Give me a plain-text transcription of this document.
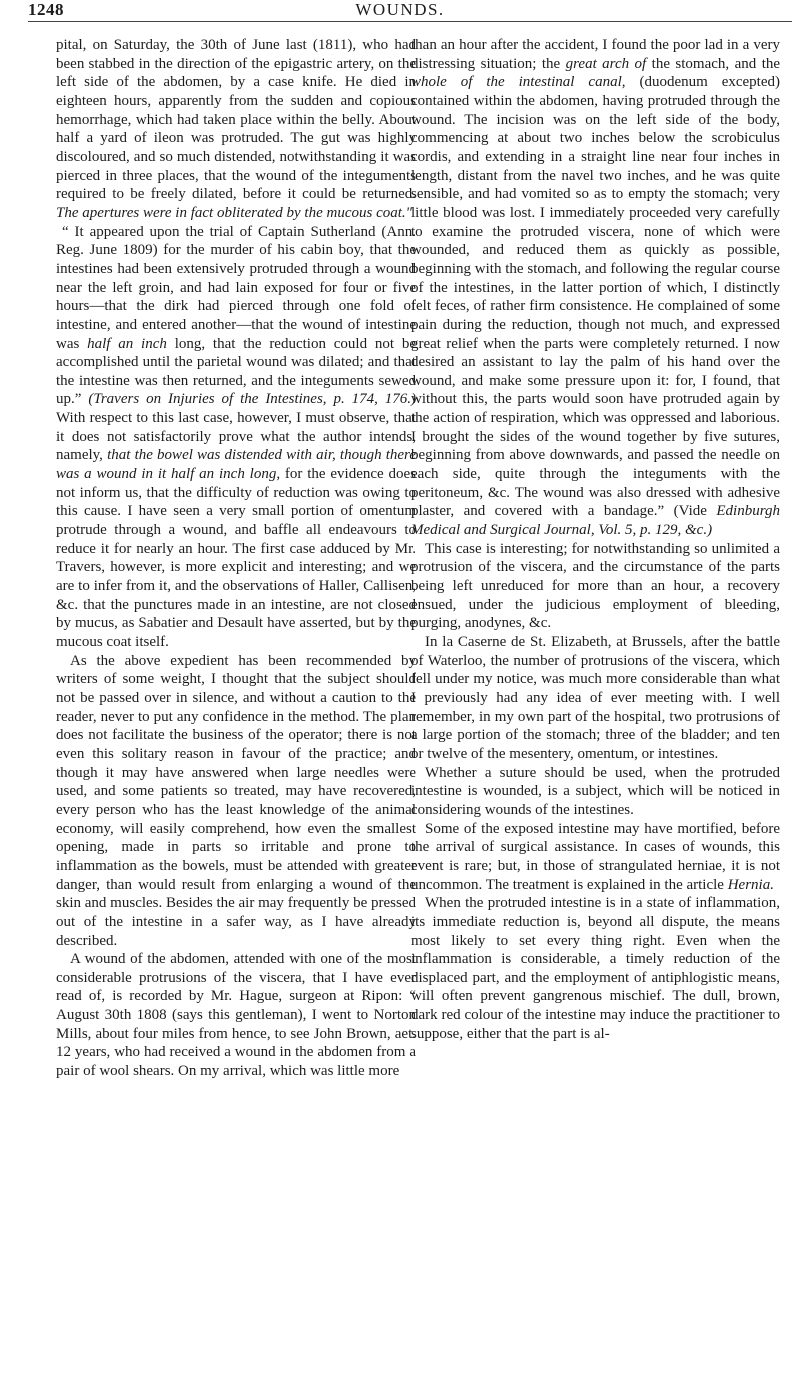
1248	WOUNDS.

pital, on Saturday, the 30th of June last (1811), who had been stabbed in the direction of the epigastric artery, on the left side of the abdomen, by a case knife. He died in eighteen hours, apparently from the sudden and copious hemorrhage, which had taken place within the belly. About half a yard of ileon was protruded. The gut was highly discoloured, and so much distended, notwithstanding it was pierced in three places, that the wound of the integuments required to be freely dilated, before it could be returned. The apertures were in fact obliterated by the mucous coat."

“ It appeared upon the trial of Captain Sutherland (Ann. Reg. June 1809) for the murder of his cabin boy, that the intestines had been extensively protruded through a wound near the left groin, and had lain exposed for four or five hours—that the dirk had pierced through one fold of intestine, and entered another—that the wound of intestine was half an inch long, that the reduction could not be accomplished until the parietal wound was dilated; and that the intestine was then returned, and the integuments sewed up.” (Travers on Injuries of the Intestines, p. 174, 176.) With respect to this last case, however, I must observe, that it does not satisfactorily prove what the author intends, namely, that the bowel was distended with air, though there was a wound in it half an inch long, for the evidence does not inform us, that the difficulty of reduction was owing to this cause. I have seen a very small portion of omentum protrude through a wound, and baffle all endeavours to reduce it for nearly an hour. The first case adduced by Mr. Travers, however, is more explicit and interesting; and we are to infer from it, and the observations of Haller, Callisen, &c. that the punctures made in an intestine, are not closed by mucus, as Sabatier and Desault have asserted, but by the mucous coat itself.

As the above expedient has been recommended by writers of some weight, I thought that the subject should not be passed over in silence, and without a caution to the reader, never to put any confidence in the method. The plan does not facilitate the business of the operator; there is not even this solitary reason in favour of the practice; and though it may have answered when large needles were used, and some patients so treated, may have recovered, every person who has the least knowledge of the animal economy, will easily comprehend, how even the smallest opening, made in parts so irritable and prone to inflammation as the bowels, must be attended with greater danger, than would result from enlarging a wound of the skin and muscles. Besides the air may frequently be pressed out of the intestine in a safer way, as I have already described.

A wound of the abdomen, attended with one of the most considerable protrusions of the viscera, that I have ever read of, is recorded by Mr. Hague, surgeon at Ripon: “ August 30th 1808 (says this gentleman), I went to Norton Mills, about four miles from hence, to see John Brown, aet. 12 years, who had received a wound in the abdomen from a pair of wool shears. On my arrival, which was little more

than an hour after the accident, I found the poor lad in a very distressing situation; the great arch of the stomach, and the whole of the intestinal canal, (duodenum excepted) contained within the abdomen, having protruded through the wound. The incision was on the left side of the body, commencing at about two inches below the scrobiculus cordis, and extending in a straight line near four inches in length, distant from the navel two inches, and he was quite sensible, and had vomited so as to empty the stomach; very little blood was lost. I immediately proceeded very carefully to examine the protruded viscera, none of which were wounded, and reduced them as quickly as possible, beginning with the stomach, and following the regular course of the intestines, in the latter portion of which, I distinctly felt feces, of rather firm consistence. He complained of some pain during the reduction, though not much, and expressed great relief when the parts were completely returned. I now desired an assistant to lay the palm of his hand over the wound, and make some pressure upon it: for, I found, that without this, the parts would soon have protruded again by the action of respiration, which was oppressed and laborious. I brought the sides of the wound together by five sutures, beginning from above downwards, and passed the needle on each side, quite through the integuments with the peritoneum, &c. The wound was also dressed with adhesive plaster, and covered with a bandage.” (Vide Edinburgh Medical and Surgical Journal, Vol. 5, p. 129, &c.)

This case is interesting; for notwithstanding so unlimited a protrusion of the viscera, and the circumstance of the parts being left unreduced for more than an hour, a recovery ensued, under the judicious employment of bleeding, purging, anodynes, &c.

In la Caserne de St. Elizabeth, at Brussels, after the battle of Waterloo, the number of protrusions of the viscera, which fell under my notice, was much more considerable than what I previously had any idea of ever meeting with. I well remember, in my own part of the hospital, two protrusions of a large portion of the stomach; three of the bladder; and ten or twelve of the mesentery, omentum, or intestines.

Whether a suture should be used, when the protruded intestine is wounded, is a subject, which will be noticed in considering wounds of the intestines.

Some of the exposed intestine may have mortified, before the arrival of surgical assistance. In cases of wounds, this event is rare; but, in those of strangulated herniae, it is not uncommon. The treatment is explained in the article Hernia.

When the protruded intestine is in a state of inflammation, its immediate reduction is, beyond all dispute, the means most likely to set every thing right. Even when the inflammation is considerable, a timely reduction of the displaced part, and the employment of antiphlogistic means, will often prevent gangrenous mischief. The dull, brown, dark red colour of the intestine may induce the practitioner to suppose, either that the part is al-
